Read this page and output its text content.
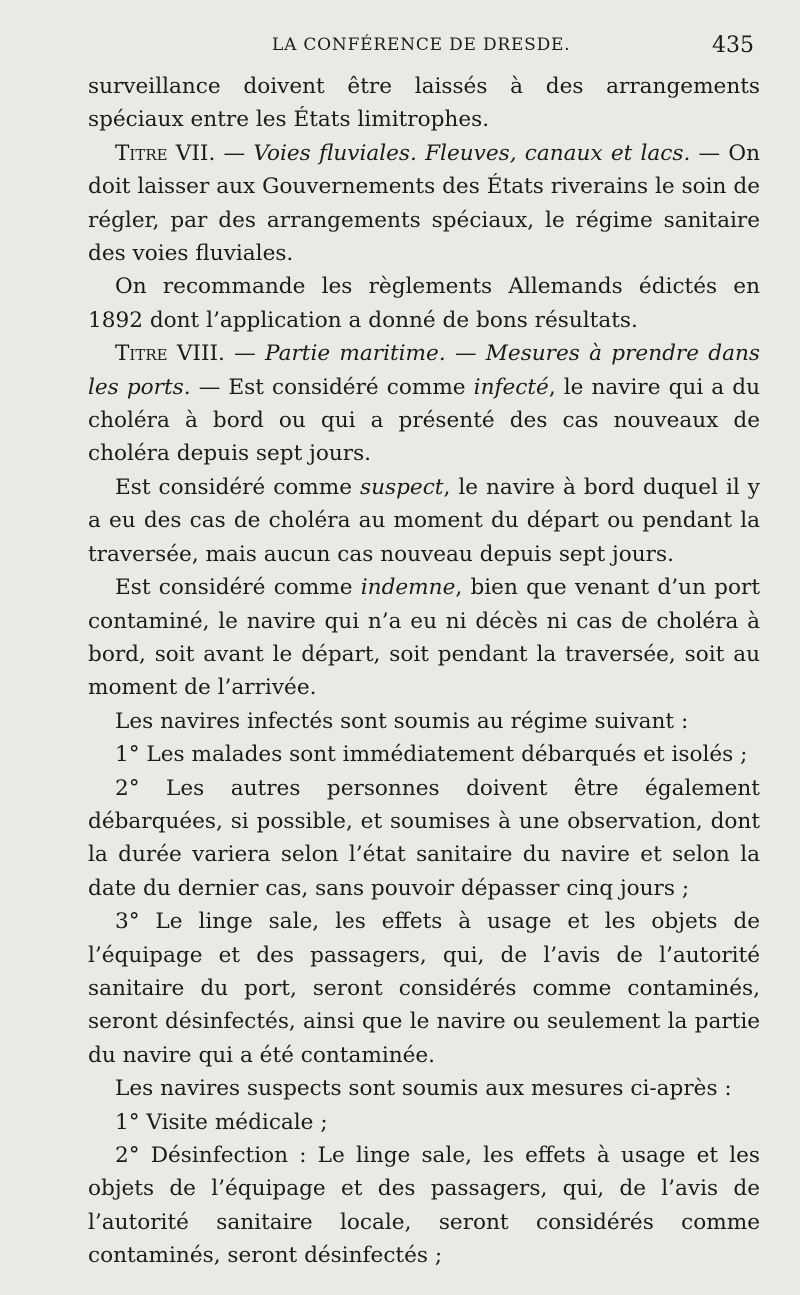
LA CONFÉRENCE DE DRESDE.	435

surveillance doivent être laissés à des arrangements spéciaux entre les États limitrophes.

Titre VII. — Voies fluviales. Fleuves, canaux et lacs. — On doit laisser aux Gouvernements des États riverains le soin de régler, par des arrangements spéciaux, le régime sanitaire des voies fluviales.

On recommande les règlements Allemands édictés en 1892 dont l’application a donné de bons résultats.

Titre VIII. — Partie maritime. — Mesures à prendre dans les ports. — Est considéré comme infecté, le navire qui a du choléra à bord ou qui a présenté des cas nouveaux de choléra depuis sept jours.

Est considéré comme suspect, le navire à bord duquel il y a eu des cas de choléra au moment du départ ou pendant la traversée, mais aucun cas nouveau depuis sept jours.

Est considéré comme indemne, bien que venant d’un port contaminé, le navire qui n’a eu ni décès ni cas de choléra à bord, soit avant le départ, soit pendant la traversée, soit au moment de l’arrivée.

Les navires infectés sont soumis au régime suivant :

1° Les malades sont immédiatement débarqués et isolés ;

2° Les autres personnes doivent être également débarquées, si possible, et soumises à une observation, dont la durée variera selon l’état sanitaire du navire et selon la date du dernier cas, sans pouvoir dépasser cinq jours ;

3° Le linge sale, les effets à usage et les objets de l’équipage et des passagers, qui, de l’avis de l’autorité sanitaire du port, seront considérés comme contaminés, seront désinfectés, ainsi que le navire ou seulement la partie du navire qui a été contaminée.

Les navires suspects sont soumis aux mesures ci-après :

1° Visite médicale ;

2° Désinfection : Le linge sale, les effets à usage et les objets de l’équipage et des passagers, qui, de l’avis de l’autorité sanitaire locale, seront considérés comme contaminés, seront désinfectés ;
